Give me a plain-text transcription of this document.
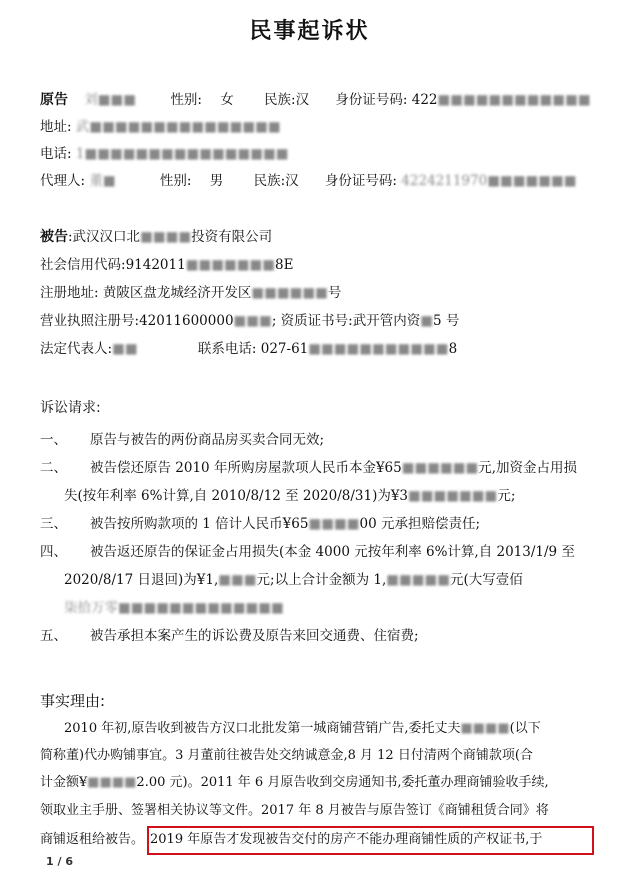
民事起诉状
原告 刘■■■	性别: 女 民族:汉 身份证号码: 422■■■■■■■■■■■■
地址: 武■■■■■■■■■■■■■■■
电话: 1■■■■■■■■■■■■■■■■
代理人: 董■	性别: 男 民族:汉 身份证号码: 4224211970■■■■■■■
被告:武汉汉口北■■■■投资有限公司
社会信用代码:9142011■■■■■■■8E
注册地址: 黄陂区盘龙城经济开发区■■■■■■号
营业执照注册号:42011600000■■■; 资质证书号:武开管内资■5 号
法定代表人:■■	联系电话: 027-61■■■■■■■■■■■8
诉讼请求:
一、 原告与被告的两份商品房买卖合同无效;
二、 被告偿还原告 2010 年所购房屋款项人民币本金¥65■■■■■■元,加资金占用损
失(按年利率 6%计算,自 2010/8/12 至 2020/8/31)为¥3■■■■■■■元;
三、 被告按所购款项的 1 倍计人民币¥65■■■■00 元承担赔偿责任;
四、 被告返还原告的保证金占用损失(本金 4000 元按年利率 6%计算,自 2013/1/9 至
2020/8/17 日退回)为¥1,■■■元;以上合计金额为 1,■■■■■元(大写壹佰
柒拾万零■■■■■■■■■■■■■
五、 被告承担本案产生的诉讼费及原告来回交通费、住宿费;
事实理由:
2010 年初,原告收到被告方汉口北批发第一城商铺营销广告,委托丈夫■■■■(以下
简称董)代办购铺事宜。3 月董前往被告处交纳诚意金,8 月 12 日付清两个商铺款项(合
计金额¥■■■■2.00 元)。2011 年 6 月原告收到交房通知书,委托董办理商铺验收手续,
领取业主手册、签署相关协议等文件。2017 年 8 月被告与原告签订《商铺租赁合同》将
商铺返租给被告。 2019 年原告才发现被告交付的房产不能办理商铺性质的产权证书,于
1 / 6
